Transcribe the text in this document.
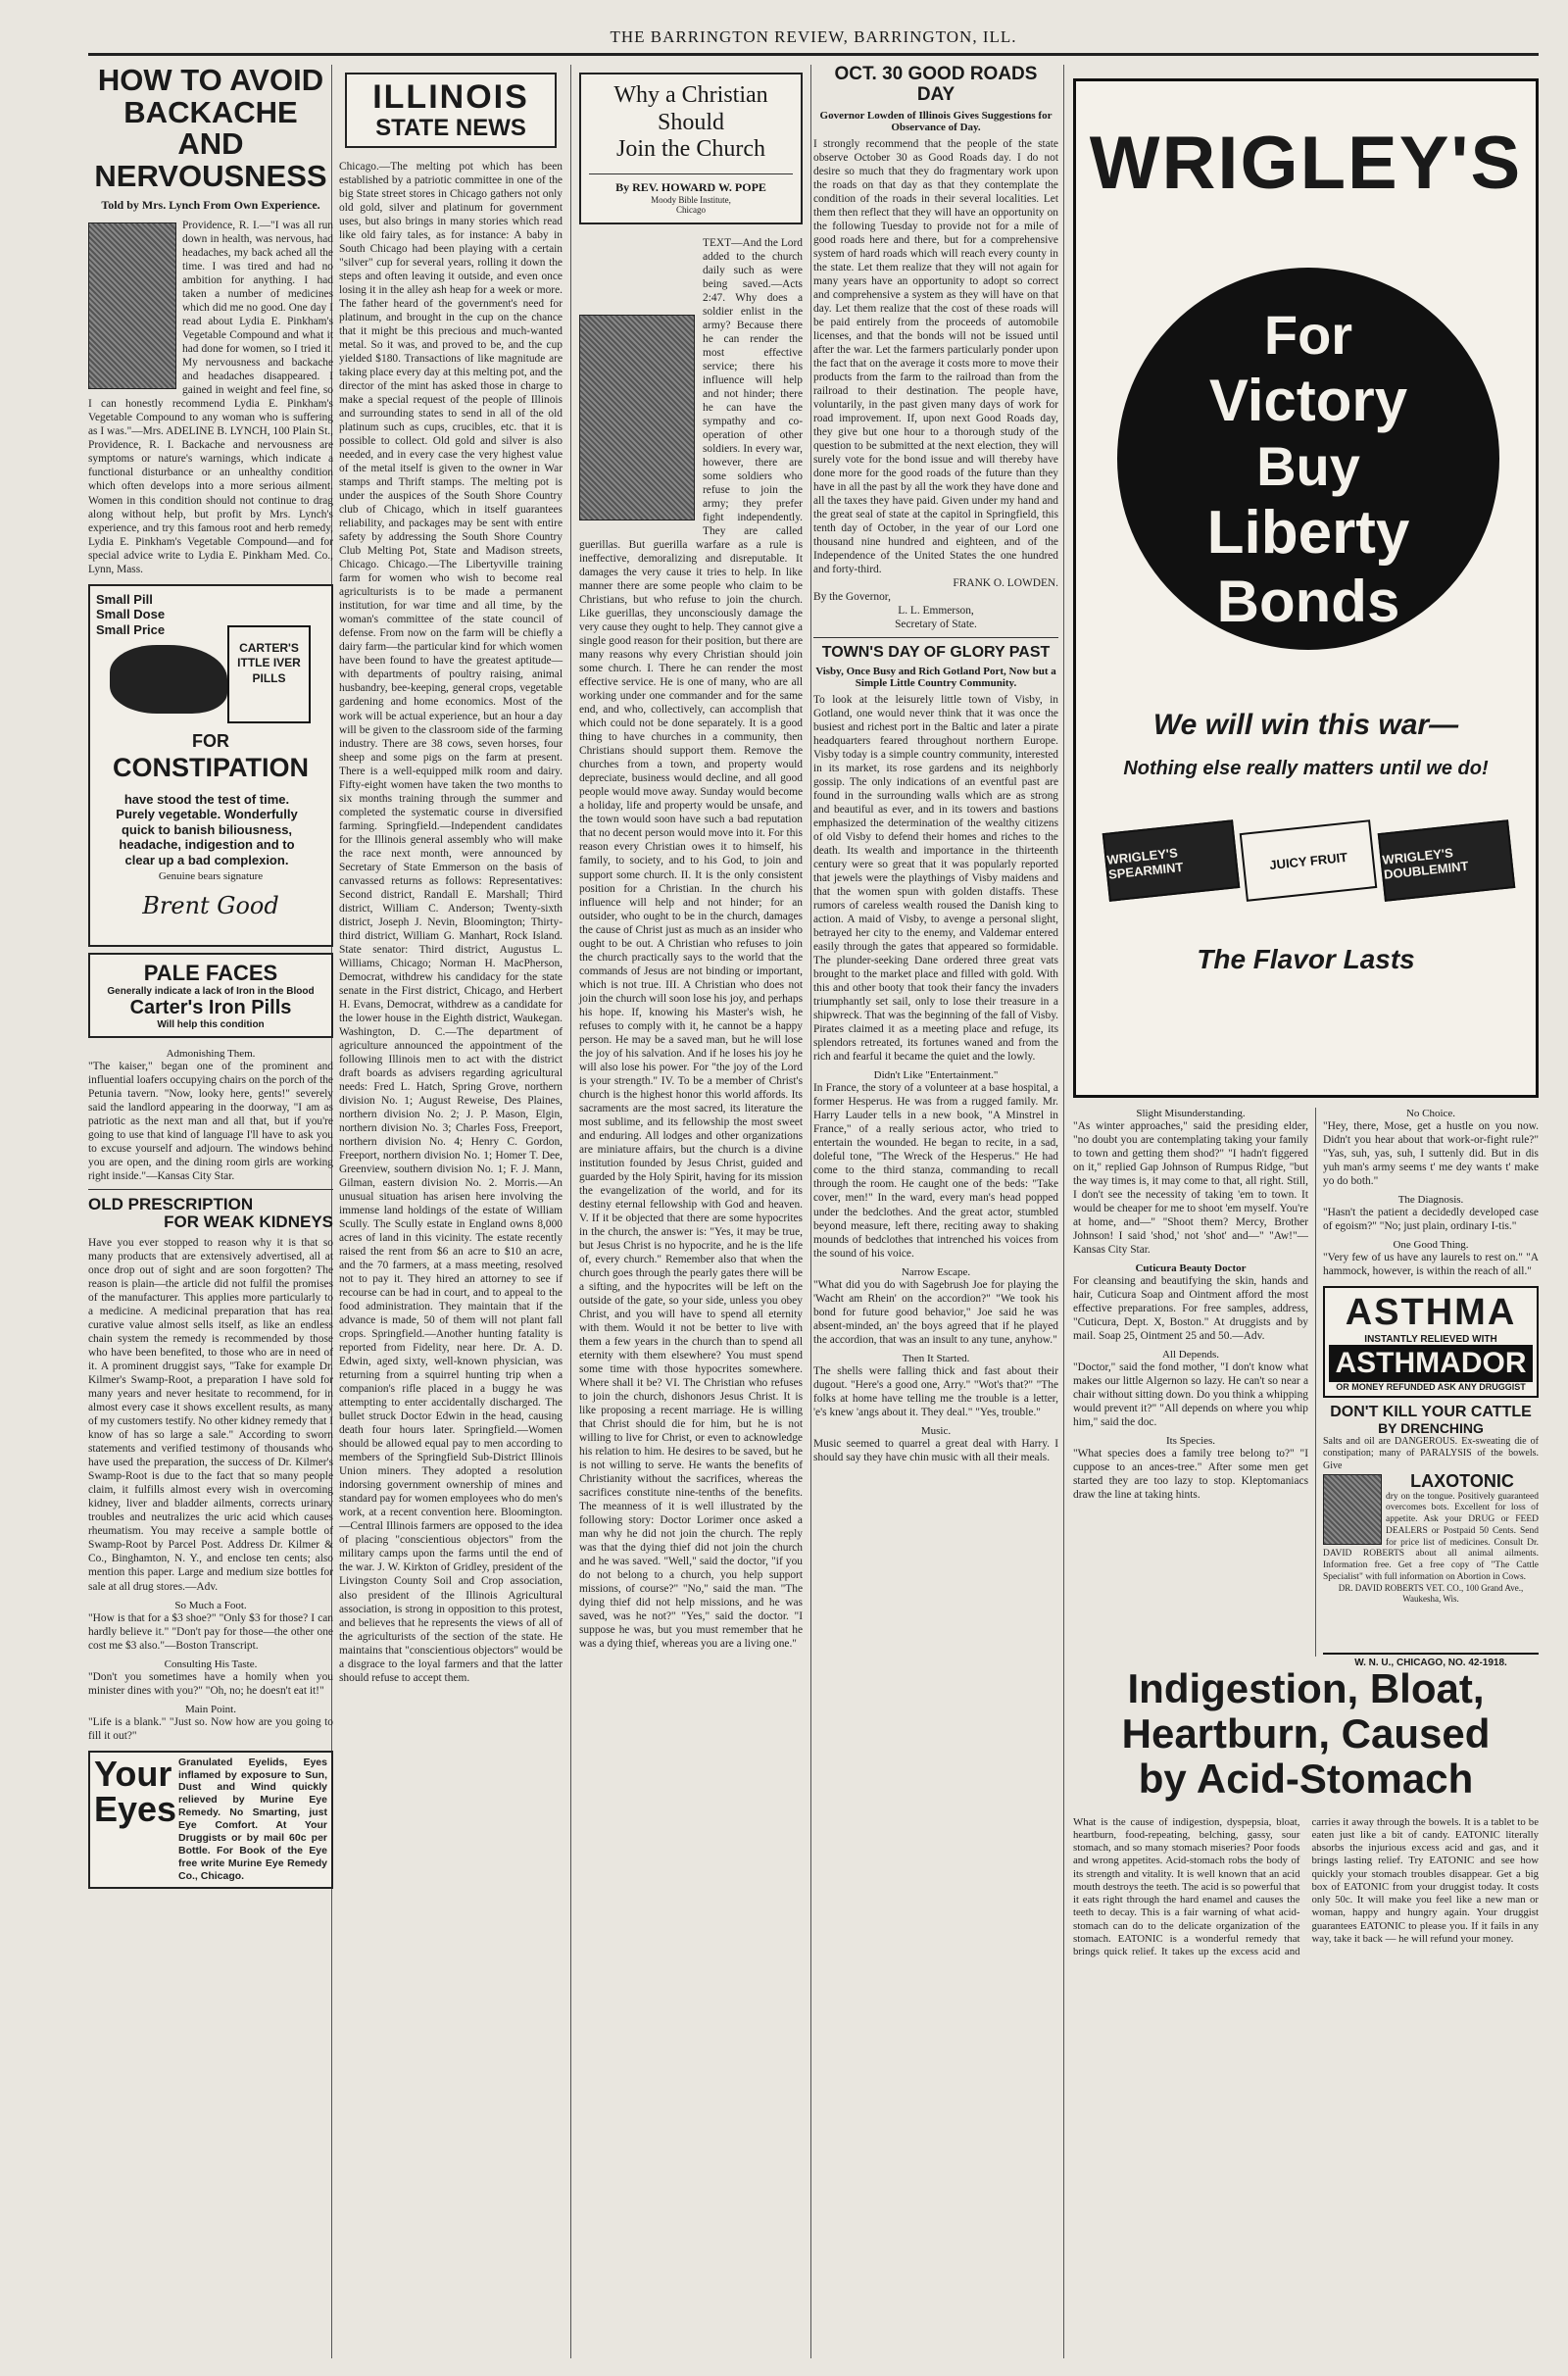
THE BARRINGTON REVIEW, BARRINGTON, ILL.
HOW TO AVOID
BACKACHE AND
NERVOUSNESS
Told by Mrs. Lynch From Own Experience.
Providence, R. I.—"I was all run down in health, was nervous, had headaches, my back ached all the time. I was tired and had no ambition for anything. I had taken a number of medicines which did me no good. One day I read about Lydia E. Pinkham's Vegetable Compound and what it had done for women, so I tried it. My nervousness and backache and headaches disappeared. I gained in weight and feel fine, so I can honestly recommend Lydia E. Pinkham's Vegetable Compound to any woman who is suffering as I was."—Mrs. ADELINE B. LYNCH, 100 Plain St., Providence, R. I. Backache and nervousness are symptoms or nature's warnings, which indicate a functional disturbance or an unhealthy condition which often develops into a more serious ailment. Women in this condition should not continue to drag along without help, but profit by Mrs. Lynch's experience, and try this famous root and herb remedy, Lydia E. Pinkham's Vegetable Compound—and for special advice write to Lydia E. Pinkham Med. Co., Lynn, Mass.
Small Pill
Small Dose
Small Price
CARTER'S ITTLE IVER PILLS
FOR
CONSTIPATION
have stood the test of time. Purely vegetable. Wonderfully quick to banish biliousness, headache, indigestion and to clear up a bad complexion.
Genuine bears signature
Brent Good
PALE FACES
Generally indicate a lack of Iron in the Blood
Carter's Iron Pills
Will help this condition
Admonishing Them.
"The kaiser," began one of the prominent and influential loafers occupying chairs on the porch of the Petunia tavern. "Now, looky here, gents!" severely said the landlord appearing in the doorway, "I am as patriotic as the next man and all that, but if you're going to use that kind of language I'll have to ask you to excuse yourself and adjourn. The windows behind you are open, and the dining room girls are working right inside."—Kansas City Star.
OLD PRESCRIPTION
FOR WEAK KIDNEYS
Have you ever stopped to reason why it is that so many products that are extensively advertised, all at once drop out of sight and are soon forgotten? The reason is plain—the article did not fulfil the promises of the manufacturer. This applies more particularly to a medicine. A medicinal preparation that has real curative value almost sells itself, as like an endless chain system the remedy is recommended by those who have been benefited, to those who are in need of it. A prominent druggist says, "Take for example Dr. Kilmer's Swamp-Root, a preparation I have sold for many years and never hesitate to recommend, for in almost every case it shows excellent results, as many of my customers testify. No other kidney remedy that I know of has so large a sale." According to sworn statements and verified testimony of thousands who have used the preparation, the success of Dr. Kilmer's Swamp-Root is due to the fact that so many people claim, it fulfills almost every wish in overcoming kidney, liver and bladder ailments, corrects urinary troubles and neutralizes the uric acid which causes rheumatism. You may receive a sample bottle of Swamp-Root by Parcel Post. Address Dr. Kilmer & Co., Binghamton, N. Y., and enclose ten cents; also mention this paper. Large and medium size bottles for sale at all drug stores.—Adv.
So Much a Foot.
"How is that for a $3 shoe?" "Only $3 for those? I can hardly believe it." "Don't pay for those—the other one cost me $3 also."—Boston Transcript.
Consulting His Taste.
"Don't you sometimes have a homily when you minister dines with you?" "Oh, no; he doesn't eat it!"
Main Point.
"Life is a blank." "Just so. Now how are you going to fill it out?"
Your
Eyes
Granulated Eyelids, Eyes inflamed by exposure to Sun, Dust and Wind quickly relieved by Murine Eye Remedy. No Smarting, just Eye Comfort. At Your Druggists or by mail 60c per Bottle. For Book of the Eye free write Murine Eye Remedy Co., Chicago.
ILLINOIS
STATE NEWS
Chicago.—The melting pot which has been established by a patriotic committee in one of the big State street stores in Chicago gathers not only old gold, silver and platinum for government uses, but also brings in many stories which read like old fairy tales, as for instance: A baby in South Chicago had been playing with a certain "silver" cup for several years, rolling it down the steps and often leaving it outside, and even once losing it in the alley ash heap for a week or more. The father heard of the government's need for platinum, and brought in the cup on the chance that it might be this precious and much-wanted metal. So it was, and proved to be, and the cup yielded $180. Transactions of like magnitude are taking place every day at this melting pot, and the director of the mint has asked those in charge to make a special request of the people of Illinois and surrounding states to send in all of the old platinum such as cups, crucibles, etc. that it is possible to collect. Old gold and silver is also needed, and in every case the very highest value of the metal itself is given to the owner in War stamps and Thrift stamps. The melting pot is under the auspices of the South Shore Country club of Chicago, which in itself guarantees reliability, and packages may be sent with entire safety by addressing the South Shore Country Club Melting Pot, State and Madison streets, Chicago. Chicago.—The Libertyville training farm for women who wish to become real agriculturists is to be made a permanent institution, for war time and all time, by the woman's committee of the state council of defense. From now on the farm will be chiefly a dairy farm—the particular kind for which women have been found to have the greatest aptitude—with departments of poultry raising, animal husbandry, bee-keeping, general crops, vegetable gardening and home economics. Most of the work will be actual experience, but an hour a day will be given to the classroom side of the farming industry. There are 38 cows, seven horses, four sheep and some pigs on the farm at present. There is a well-equipped milk room and dairy. Fifty-eight women have taken the two months to six months training through the summer and completed the systematic course in diversified farming. Springfield.—Independent candidates for the Illinois general assembly who will make the race next month, were announced by Secretary of State Emmerson on the basis of canvassed returns as follows: Representatives: Second district, Randall E. Marshall; Third district, William C. Anderson; Twenty-sixth district, Joseph J. Nevin, Bloomington; Thirty-third district, William G. Manhart, Rock Island. State senator: Third district, Augustus L. Williams, Chicago; Norman H. MacPherson, Democrat, withdrew his candidacy for the state senate in the First district, Chicago, and Herbert H. Evans, Democrat, withdrew as a candidate for the lower house in the Eighth district, Waukegan. Washington, D. C.—The department of agriculture announced the appointment of the following Illinois men to act with the district draft boards as advisers regarding agricultural needs: Fred L. Hatch, Spring Grove, northern division No. 1; August Reweise, Des Plaines, northern division No. 2; J. P. Mason, Elgin, northern division No. 3; Charles Foss, Freeport, northern division No. 4; Henry C. Gordon, Freeport, northern division No. 1; Homer T. Dee, Greenview, southern division No. 1; F. J. Mann, Gilman, eastern division No. 2. Morris.—An unusual situation has arisen here involving the immense land holdings of the estate of William Scully. The Scully estate in England owns 8,000 acres of land in this vicinity. The estate recently raised the rent from $6 an acre to $10 an acre, and the 70 farmers, at a mass meeting, resolved not to pay it. They hired an attorney to see if recourse can be had in court, and to appeal to the food administration. They maintain that if the advance is made, 50 of them will not plant fall crops. Springfield.—Another hunting fatality is reported from Fidelity, near here. Dr. A. D. Edwin, aged sixty, well-known physician, was returning from a squirrel hunting trip when a companion's rifle placed in a buggy he was attempting to enter accidentally discharged. The bullet struck Doctor Edwin in the head, causing death four hours later. Springfield.—Women should be allowed equal pay to men according to members of the Springfield Sub-District Illinois Union miners. They adopted a resolution indorsing government ownership of mines and standard pay for women employees who do men's work, at a recent convention here. Bloomington.—Central Illinois farmers are opposed to the idea of placing "conscientious objectors" from the military camps upon the farms until the end of the war. J. W. Kirkton of Gridley, president of the Livingston County Soil and Crop association, also president of the Illinois Agricultural association, is strong in opposition to this protest, and believes that he represents the views of all of the agriculturists of the section of the state. He maintains that "conscientious objectors" would be a disgrace to the loyal farmers and that the latter should refuse to accept them.
Why a Christian
Should
Join the Church
By REV. HOWARD W. POPE
Moody Bible Institute,
Chicago
TEXT—And the Lord added to the church daily such as were being saved.—Acts 2:47. Why does a soldier enlist in the army? Because there he can render the most effective service; there his influence will help and not hinder; there he can have the sympathy and co-operation of other soldiers. In every war, however, there are some soldiers who refuse to join the army; they prefer fight independently. They are called guerillas. But guerilla warfare as a rule is ineffective, demoralizing and disreputable. It damages the very cause it tries to help. In like manner there are some people who claim to be Christians, but who refuse to join the church. Like guerillas, they unconsciously damage the very cause they ought to help. They cannot give a single good reason for their position, but there are many reasons why every Christian should join some church. I. There he can render the most effective service. He is one of many, who are all working under one commander and for the same end, and who, collectively, can accomplish that which could not be done separately. It is a good thing to have churches in a community, then Christians should support them. Remove the churches from a town, and property would depreciate, business would decline, and all good people would move away. Sunday would become a holiday, life and property would be unsafe, and the town would soon have such a bad reputation that no decent person would move into it. For this reason every Christian owes it to himself, his family, to society, and to his God, to join and support some church. II. It is the only consistent position for a Christian. In the church his influence will help and not hinder; for an outsider, who ought to be in the church, damages the cause of Christ just as much as an insider who ought to be out. A Christian who refuses to join the church practically says to the world that the commands of Jesus are not binding or important, which is not true. III. A Christian who does not join the church will soon lose his joy, and perhaps his hope. If, knowing his Master's wish, he refuses to comply with it, he cannot be a happy person. He may be a saved man, but he will lose the joy of his salvation. And if he loses his joy he will also lose his power. For "the joy of the Lord is your strength." IV. To be a member of Christ's church is the highest honor this world affords. Its sacraments are the most sacred, its literature the most sublime, and its fellowship the most sweet and enduring. All lodges and other organizations are miniature affairs, but the church is a divine institution founded by Jesus Christ, guided and guarded by the Holy Spirit, having for its mission the evangelization of the world, and for its destiny eternal fellowship with God and heaven. V. If it be objected that there are some hypocrites in the church, the answer is: "Yes, it may be true, but Jesus Christ is no hypocrite, and he is the life of, every church." Remember also that when the church goes through the pearly gates there will be a sifting, and the hypocrites will be left on the outside of the gate, so your side, unless you obey Christ, and you will have to spend all eternity with them. Would it not be better to live with them a few years in the church than to spend all eternity with them elsewhere? You must spend some time with those hypocrites somewhere. Where shall it be? VI. The Christian who refuses to join the church, dishonors Jesus Christ. It is like proposing a recent marriage. He is willing that Christ should die for him, but he is not willing to live for Christ, or even to acknowledge his relation to him. He desires to be saved, but he is not willing to serve. He wants the benefits of Christianity without the sacrifices, whereas the sacrifices constitute nine-tenths of the benefits. The meanness of it is well illustrated by the following story: Doctor Lorimer once asked a man why he did not join the church. The reply was that the dying thief did not join the church and he was saved. "Well," said the doctor, "if you do not belong to a church, you help support missions, of course?" "No," said the man. "The dying thief did not help missions, and he was saved, was he not?" "Yes," said the doctor. "I suppose he was, but you must remember that he was a dying thief, whereas you are a living one."
OCT. 30 GOOD ROADS DAY
Governor Lowden of Illinois Gives Suggestions for Observance of Day.
I strongly recommend that the people of the state observe October 30 as Good Roads day. I do not desire so much that they do fragmentary work upon the roads on that day as that they contemplate the condition of the roads in their several localities. Let them then reflect that they will have an opportunity on the following Tuesday to provide not for a mile of good roads here and there, but for a comprehensive system of hard roads which will reach every county in the state. Let them realize that they will not again for many years have an opportunity to adopt so correct and comprehensive a system as they will have on that day. Let them realize that the cost of these roads will be paid entirely from the proceeds of automobile licenses, and that the bonds will not be issued until after the war. Let the farmers particularly ponder upon the fact that on the average it costs more to move their products from the farm to the railroad than from the railroad to their destination. The people have, voluntarily, in the past given many days of work for road improvement. If, upon next Good Roads day, they give but one hour to a thorough study of the question to be submitted at the next election, they will surely vote for the bond issue and will thereby have done more for the good roads of the future than they have in all the past by all the work they have done and all the taxes they have paid. Given under my hand and the great seal of state at the capitol in Springfield, this tenth day of October, in the year of our Lord one thousand nine hundred and eighteen, and of the Independence of the United States the one hundred and forty-third.
FRANK O. LOWDEN.
By the Governor,
L. L. Emmerson,
Secretary of State.
TOWN'S DAY OF GLORY PAST
Visby, Once Busy and Rich Gotland Port, Now but a Simple Little Country Community.
To look at the leisurely little town of Visby, in Gotland, one would never think that it was once the busiest and richest port in the Baltic and later a pirate headquarters feared throughout northern Europe. Visby today is a simple country community, interested in its market, its rose gardens and its neighborly gossip. The only indications of an eventful past are found in the surrounding walls which are as strong and beautiful as ever, and in its towers and bastions emphasized the determination of the wealthy citizens of old Visby to defend their homes and riches to the death. Its wealth and importance in the thirteenth century were so great that it was popularly reported that jewels were the playthings of Visby maidens and that the women spun with golden distaffs. These rumors of careless wealth roused the Danish king to action. A maid of Visby, to avenge a personal slight, betrayed her city to the enemy, and Valdemar entered easily through the gates that appeared so formidable. The plunder-seeking Dane ordered three great vats brought to the market place and filled with gold. With this and other booty that took their fancy the invaders triumphantly set sail, only to lose their treasure in a shipwreck. That was the beginning of the fall of Visby. Pirates claimed it as a meeting place and refuge, its splendors retreated, its fortunes waned and from the rich and fearful it became the quiet and the lowly.
Didn't Like "Entertainment."
In France, the story of a volunteer at a base hospital, a former Hesperus. He was from a rugged family. Mr. Harry Lauder tells in a new book, "A Minstrel in France," of a really serious actor, who tried to entertain the wounded. He began to recite, in a sad, doleful tone, "The Wreck of the Hesperus." He had come to the third stanza, commanding to recall through the room. He caught one of the beds: "Take cover, men!" In the ward, every man's head popped under the bedclothes. And the great actor, stumbled beyond measure, left there, reciting away to shaking mounds of bedclothes that intrenched his voices from the sound of his voice.
Narrow Escape.
"What did you do with Sagebrush Joe for playing the 'Wacht am Rhein' on the accordion?" "We took his bond for future good behavior," Joe said he was absent-minded, an' the boys agreed that if he played the accordion, that was an insult to any tune, anyhow."
Then It Started.
The shells were falling thick and fast about their dugout. "Here's a good one, Arry." "Wot's that?" "The folks at home have telling me the trouble is a letter, 'e's knew 'angs about it. They deal." "Yes, trouble."
Music.
Music seemed to quarrel a great deal with Harry. I should say they have chin music with all their meals.
WRIGLEY'S
For
Victory
Buy
Liberty
Bonds
We will win this war—
Nothing else really matters until we do!
WRIGLEY'S SPEARMINT	JUICY FRUIT	WRIGLEY'S DOUBLEMINT
The Flavor Lasts
Slight Misunderstanding.
"As winter approaches," said the presiding elder, "no doubt you are contemplating taking your family to town and getting them shod?" "I hadn't figgered on it," replied Gap Johnson of Rumpus Ridge, "but the way times is, it may come to that, all right. Still, I don't see the necessity of taking 'em to town. It would be cheaper for me to shoot 'em myself. You're at home, and—" "Shoot them? Mercy, Brother Johnson! I said 'shod,' not 'shot' and—" "Aw!"—Kansas City Star.
Cuticura Beauty Doctor
For cleansing and beautifying the skin, hands and hair, Cuticura Soap and Ointment afford the most effective preparations. For free samples, address, "Cuticura, Dept. X, Boston." At druggists and by mail. Soap 25, Ointment 25 and 50.—Adv.
All Depends.
"Doctor," said the fond mother, "I don't know what makes our little Algernon so lazy. He can't so near a chair without sitting down. Do you think a whipping would prevent it?" "All depends on where you whip him," said the doc.
Its Species.
"What species does a family tree belong to?" "I cuppose to an ances-tree." After some men get started they are too lazy to stop. Kleptomaniacs draw the line at taking hints.
No Choice.
"Hey, there, Mose, get a hustle on you now. Didn't you hear about that work-or-fight rule?" "Yas, suh, yas, suh, I suttenly did. But in dis yuh man's army seems t' me dey wants t' make yo do both."
The Diagnosis.
"Hasn't the patient a decidedly developed case of egoism?" "No; just plain, ordinary I-tis."
One Good Thing.
"Very few of us have any laurels to rest on." "A hammock, however, is within the reach of all."
ASTHMA
INSTANTLY RELIEVED WITH
ASTHMADOR
OR MONEY REFUNDED ASK ANY DRUGGIST
DON'T KILL YOUR CATTLE
BY DRENCHING
Salts and oil are DANGEROUS. Ex-sweating die of constipation; many of PARALYSIS of the bowels. Give
LAXOTONIC
dry on the tongue. Positively guaranteed overcomes bots. Excellent for loss of appetite. Ask your DRUG or FEED DEALERS or Postpaid 50 Cents. Send for price list of medicines. Consult Dr. DAVID ROBERTS about all animal ailments. Information free. Get a free copy of "The Cattle Specialist" with full information on Abortion in Cows.
DR. DAVID ROBERTS VET. CO., 100 Grand Ave., Waukesha, Wis.
W. N. U., CHICAGO, NO. 42-1918.
Indigestion, Bloat,
Heartburn, Caused
by Acid-Stomach
What is the cause of indigestion, dyspepsia, bloat, heartburn, food-repeating, belching, gassy, sour stomach, and so many stomach miseries? Poor foods and wrong appetites. Acid-stomach robs the body of its strength and vitality. It is well known that an acid mouth destroys the teeth. The acid is so powerful that it eats right through the hard enamel and causes the teeth to decay. This is a fair warning of what acid-stomach can do to the delicate organization of the stomach. EATONIC is a wonderful remedy that brings quick relief. It takes up the excess acid and carries it away through the bowels. It is a tablet to be eaten just like a bit of candy. EATONIC literally absorbs the injurious excess acid and gas, and it brings lasting relief. Try EATONIC and see how quickly your stomach troubles disappear. Get a big box of EATONIC from your druggist today. It costs only 50c. It will make you feel like a new man or woman, happy and hungry again. Your druggist guarantees EATONIC to please you. If it fails in any way, take it back — he will refund your money.
